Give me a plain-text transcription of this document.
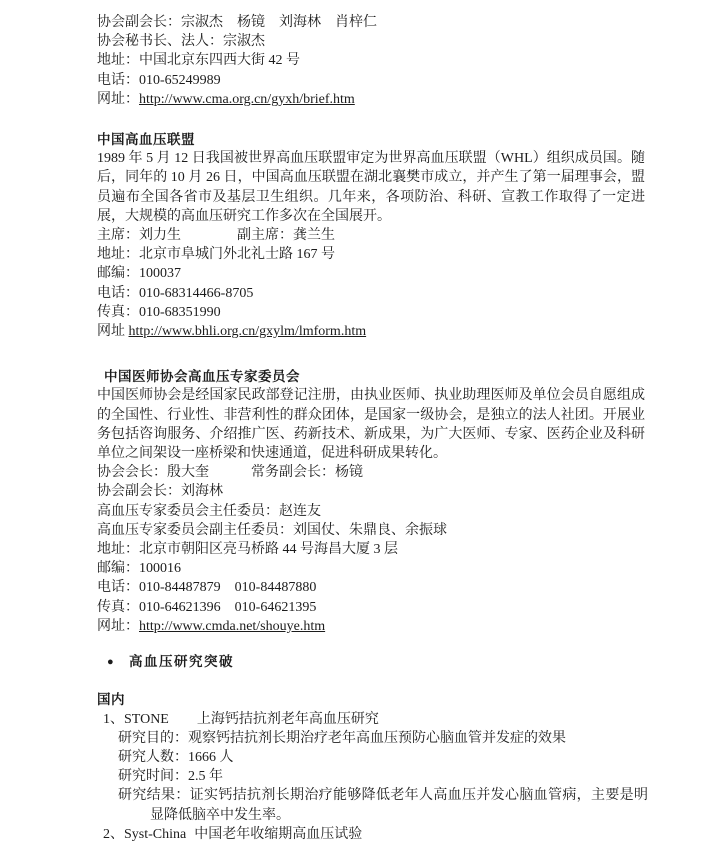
协会副会长：宗淑杰　杨镜　刘海林　肖梓仁
协会秘书长、法人：宗淑杰
地址：中国北京东四西大街 42 号
电话：010-65249989
网址：http://www.cma.org.cn/gyxh/brief.htm
中国高血压联盟

1989 年 5 月 12 日我国被世界高血压联盟审定为世界高血压联盟（WHL）组织成员国。随后，同年的 10 月 26 日，中国高血压联盟在湖北襄樊市成立，并产生了第一届理事会，盟员遍布全国各省市及基层卫生组织。几年来，各项防治、科研、宣教工作取得了一定进展，大规模的高血压研究工作多次在全国展开。

主席：刘力生　　　　副主席：龚兰生
地址：北京市阜城门外北礼士路 167 号
邮编：100037
电话：010-68314466-8705
传真：010-68351990
网址 http://www.bhli.org.cn/gxylm/lmform.htm
中国医师协会高血压专家委员会

中国医师协会是经国家民政部登记注册，由执业医师、执业助理医师及单位会员自愿组成的全国性、行业性、非营利性的群众团体，是国家一级协会，是独立的法人社团。开展业务包括咨询服务、介绍推广医、药新技术、新成果，为广大医师、专家、医药企业及科研单位之间架设一座桥梁和快速通道，促进科研成果转化。

协会会长：殷大奎　　　常务副会长：杨镜
协会副会长：刘海林
高血压专家委员会主任委员：赵连友
高血压专家委员会副主任委员：刘国仗、朱鼎良、余振球
地址：北京市朝阳区亮马桥路 44 号海昌大厦 3 层
邮编：100016
电话：010-84487879　010-84487880
传真：010-64621396　010-64621395
网址：http://www.cmda.net/shouye.htm
● 高血压研究突破
国内
1、STONE 上海钙拮抗剂老年高血压研究
研究目的：观察钙拮抗剂长期治疗老年高血压预防心脑血管并发症的效果
研究人数：1666 人
研究时间：2.5 年
研究结果：证实钙拮抗剂长期治疗能够降低老年人高血压并发心脑血管病，主要是明显降低脑卒中发生率。
2、Syst-China 中国老年收缩期高血压试验
